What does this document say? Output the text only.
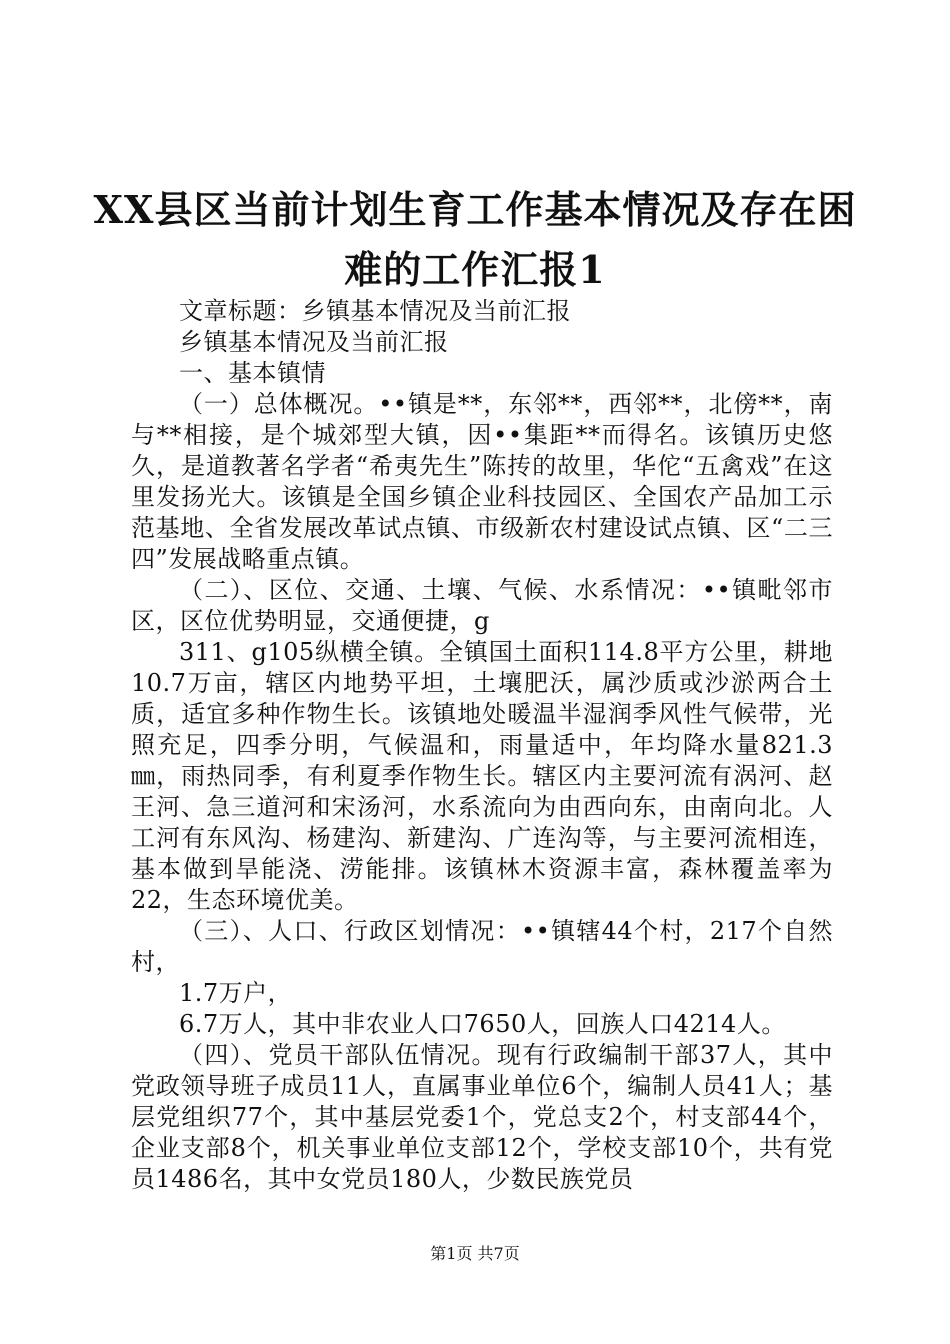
XX县区当前计划生育工作基本情况及存在困
难的工作汇报1

文章标题：乡镇基本情况及当前汇报

乡镇基本情况及当前汇报

一、基本镇情

（一）总体概况。••镇是**，东邻**，西邻**，北傍**，南与**相接，是个城郊型大镇，因••集距**而得名。该镇历史悠久，是道教著名学者“希夷先生”陈抟的故里，华佗“五禽戏”在这里发扬光大。该镇是全国乡镇企业科技园区、全国农产品加工示范基地、全省发展改革试点镇、市级新农村建设试点镇、区“二三四”发展战略重点镇。

（二）、区位、交通、土壤、气候、水系情况：••镇毗邻市区，区位优势明显，交通便捷，g

311、g105纵横全镇。全镇国土面积114.8平方公里，耕地10.7万亩，辖区内地势平坦，土壤肥沃，属沙质或沙淤两合土质，适宜多种作物生长。该镇地处暖温半湿润季风性气候带，光照充足，四季分明，气候温和，雨量适中，年均降水量821.3㎜，雨热同季，有利夏季作物生长。辖区内主要河流有涡河、赵王河、急三道河和宋汤河，水系流向为由西向东，由南向北。人工河有东风沟、杨建沟、新建沟、广连沟等，与主要河流相连，基本做到旱能浇、涝能排。该镇林木资源丰富，森林覆盖率为22，生态环境优美。

（三）、人口、行政区划情况：••镇辖44个村，217个自然村，

1.7万户，

6.7万人，其中非农业人口7650人，回族人口4214人。

（四）、党员干部队伍情况。现有行政编制干部37人，其中党政领导班子成员11人，直属事业单位6个，编制人员41人；基层党组织77个，其中基层党委1个，党总支2个，村支部44个，企业支部8个，机关事业单位支部12个，学校支部10个，共有党员1486名，其中女党员180人，少数民族党员

第1页 共7页
